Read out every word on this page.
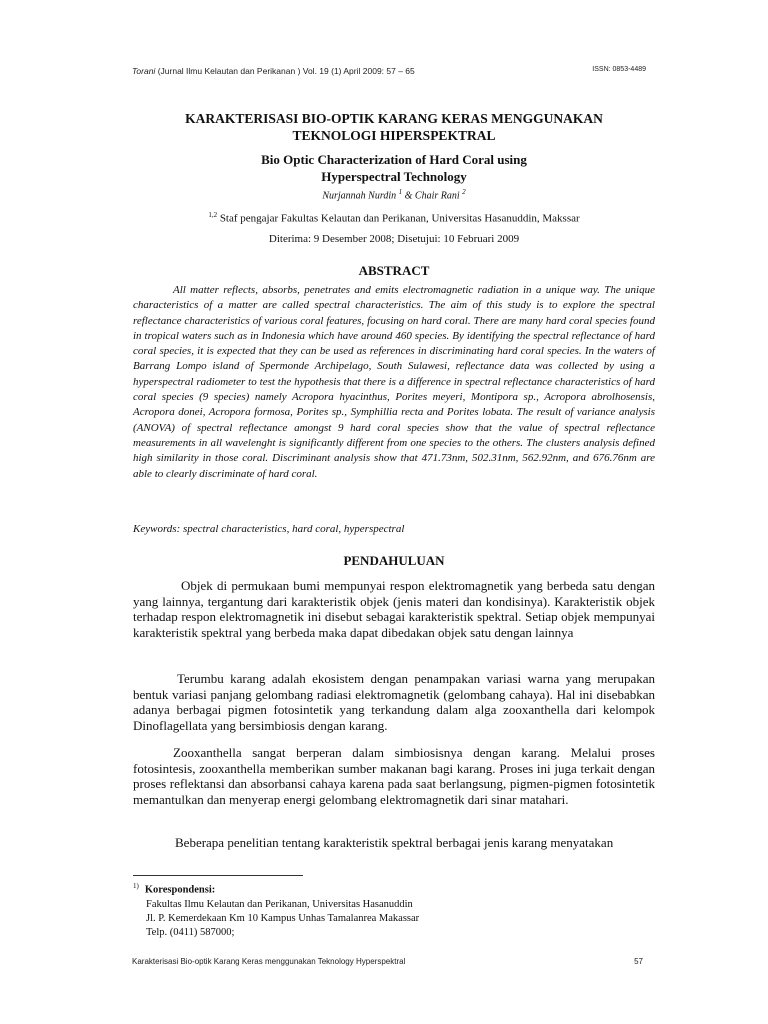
Torani (Jurnal Ilmu Kelautan dan Perikanan ) Vol. 19 (1) April 2009: 57 – 65	ISSN: 0853-4489
KARAKTERISASI BIO-OPTIK KARANG KERAS MENGGUNAKAN
TEKNOLOGI HIPERSPEKTRAL
Bio Optic Characterization of Hard Coral using
Hyperspectral Technology
Nurjannah Nurdin $^1$ & Chair Rani $^2$
$^{1,2}$ Staf pengajar Fakultas Kelautan dan Perikanan, Universitas Hasanuddin, Makssar
Diterima: 9 Desember 2008; Disetujui: 10 Februari 2009
ABSTRACT
All matter reflects, absorbs, penetrates and emits electromagnetic radiation in a unique way. The unique characteristics of a matter are called spectral characteristics. The aim of this study is to explore the spectral reflectance characteristics of various coral features, focusing on hard coral. There are many hard coral species found in tropical waters such as in Indonesia which have around 460 species. By identifying the spectral reflectance of hard coral species, it is expected that they can be used as references in discriminating hard coral species. In the waters of Barrang Lompo island of Spermonde Archipelago, South Sulawesi, reflectance data was collected by using a hyperspectral radiometer to test the hypothesis that there is a difference in spectral reflectance characteristics of hard coral species (9 species) namely Acropora hyacinthus, Porites meyeri, Montipora sp., Acropora abrolhosensis, Acropora donei, Acropora formosa, Porites sp., Symphillia recta and Porites lobata. The result of variance analysis (ANOVA) of spectral reflectance amongst 9 hard coral species show that the value of spectral reflectance measurements in all wavelenght is significantly different from one species to the others. The clusters analysis defined high similarity in those coral. Discriminant analysis show that 471.73nm, 502.31nm, 562.92nm, and 676.76nm are able to clearly discriminate of hard coral.
Keywords: spectral characteristics, hard coral, hyperspectral
PENDAHULUAN

Objek di permukaan bumi mempunyai respon elektromagnetik yang berbeda satu dengan yang lainnya, tergantung dari karakteristik objek (jenis materi dan kondisinya). Karakteristik objek terhadap respon elektromagnetik ini disebut sebagai karakteristik spektral. Setiap objek mempunyai karakteristik spektral yang berbeda maka dapat dibedakan objek satu dengan lainnya

Terumbu karang adalah ekosistem dengan penampakan variasi warna yang merupakan bentuk variasi panjang gelombang radiasi elektromagnetik (gelombang cahaya). Hal ini disebabkan adanya berbagai pigmen fotosintetik yang terkandung dalam alga zooxanthella dari kelompok Dinoflagellata yang bersimbiosis dengan karang.

Zooxanthella sangat berperan dalam simbiosisnya dengan karang. Melalui proses fotosintesis, zooxanthella memberikan sumber makanan bagi karang. Proses ini juga terkait dengan proses reflektansi dan absorbansi cahaya karena pada saat berlangsung, pigmen-pigmen fotosintetik memantulkan dan menyerap energi gelombang elektromagnetik dari sinar matahari.

Beberapa penelitian tentang karakteristik spektral berbagai jenis karang menyatakan

$^{1)}$ Korespondensi:
Fakultas Ilmu Kelautan dan Perikanan, Universitas Hasanuddin
Jl. P. Kemerdekaan Km 10 Kampus Unhas Tamalanrea Makassar
Telp. (0411) 587000;
Karakterisasi Bio-optik Karang Keras menggunakan Teknology Hyperspektral	57
